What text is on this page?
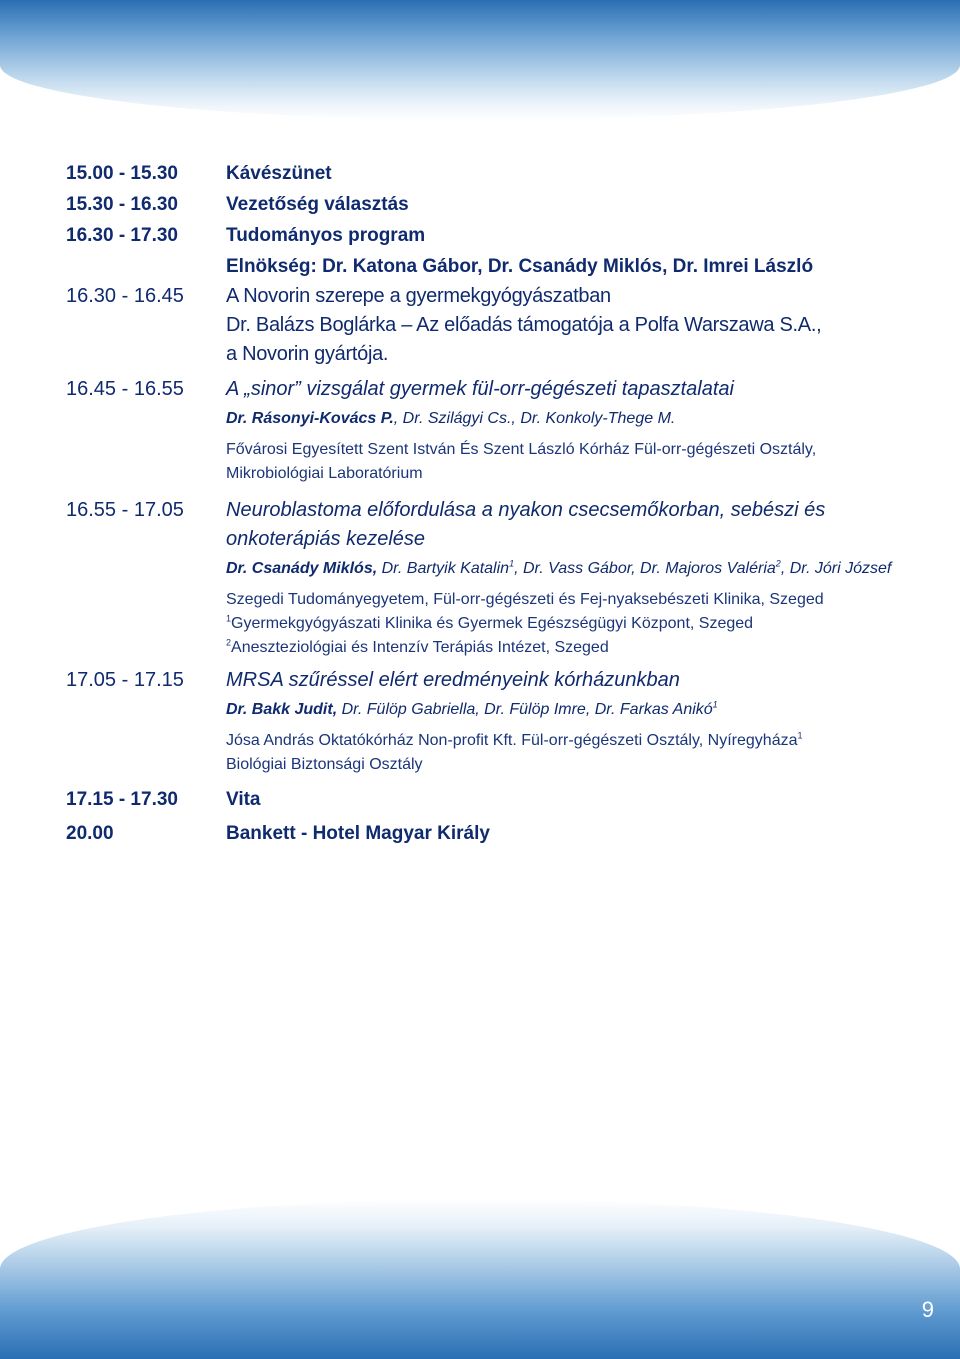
15.00 - 15.30	Kávészünet
15.30 - 16.30	Vezetőség választás
16.30 - 17.30	Tudományos program
Elnökség: Dr. Katona Gábor, Dr. Csanády Miklós, Dr. Imrei László
16.30 - 16.45 A Novorin szerepe a gyermekgyógyászatban
Dr. Balázs Boglárka – Az előadás támogatója a Polfa Warszawa S.A.,
a Novorin gyártója.
16.45 - 16.55 A „sinor” vizsgálat gyermek fül-orr-gégészeti tapasztalatai
Dr. Rásonyi-Kovács P., Dr. Szilágyi Cs., Dr. Konkoly-Thege M.
Fővárosi Egyesített Szent István És Szent László Kórház Fül-orr-gégészeti Osztály,
Mikrobiológiai Laboratórium
16.55 - 17.05 Neuroblastoma előfordulása a nyakon csecsemőkorban, sebészi és
onkoterápiás kezelése
Dr. Csanády Miklós, Dr. Bartyik Katalin$^1$, Dr. Vass Gábor, Dr. Majoros Valéria$^2$, Dr. Jóri József
Szegedi Tudományegyetem, Fül-orr-gégészeti és Fej-nyaksebészeti Klinika, Szeged
$^1$Gyermekgyógyászati Klinika és Gyermek Egészségügyi Központ, Szeged
$^2$Aneszteziológiai és Intenzív Terápiás Intézet, Szeged
17.05 - 17.15 MRSA szűréssel elért eredményeink kórházunkban
Dr. Bakk Judit, Dr. Fülöp Gabriella, Dr. Fülöp Imre, Dr. Farkas Anikó$^1$
Jósa András Oktatókórház Non-profit Kft. Fül-orr-gégészeti Osztály, Nyíregyháza$^1$
Biológiai Biztonsági Osztály
17.15 - 17.30	Vita
20.00	Bankett - Hotel Magyar Király
9
